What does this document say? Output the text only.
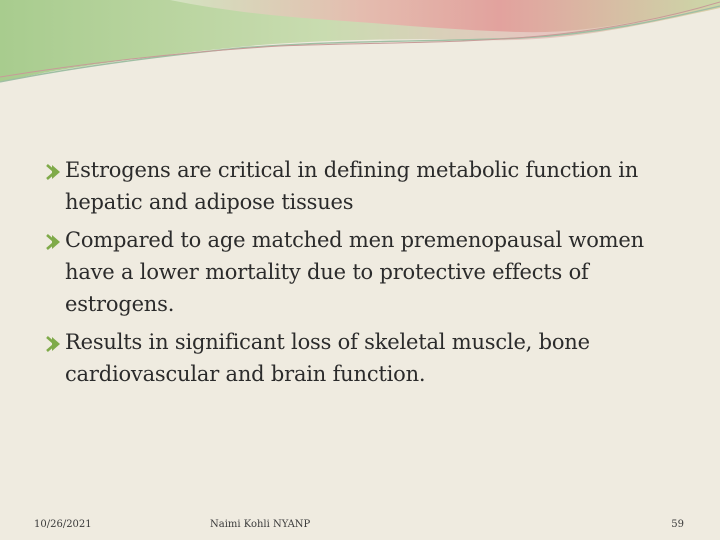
Estrogens are critical in defining metabolic function in hepatic and adipose tissues

Compared to age matched men premenopausal women have a lower mortality due to protective effects of estrogens.

Results in significant loss of skeletal muscle, bone cardiovascular and brain function.

10/26/2021	Naimi Kohli NYANP	59
